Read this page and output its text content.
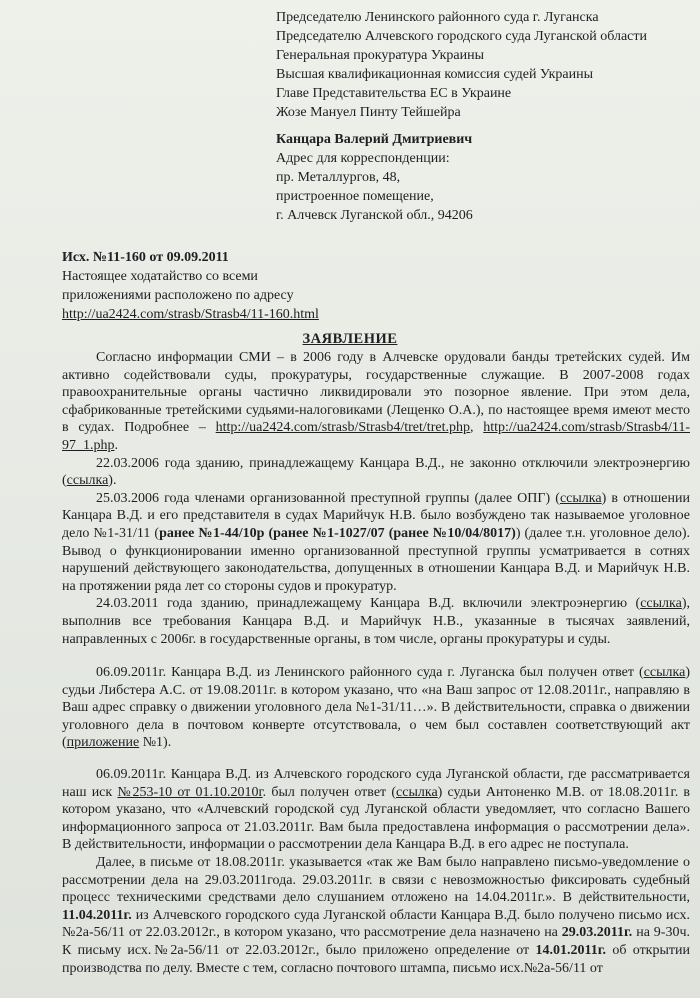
Председателю Ленинского районного суда г. Луганска
Председателю Алчевского городского суда Луганской области
Генеральная прокуратура Украины
Высшая квалификационная комиссия судей Украины
Главе Представительства ЕС в Украине
Жозе Мануел Пинту Тейшейра
Канцара Валерий Дмитриевич
Адрес для корреспонденции:
пр. Металлургов, 48,
пристроенное помещение,
г. Алчевск Луганской обл., 94206
Исх. №11-160 от 09.09.2011
Настоящее ходатайство со всеми
приложениями расположено по адресу
http://ua2424.com/strasb/Strasb4/11-160.html
ЗАЯВЛЕНИЕ

Согласно информации СМИ – в 2006 году в Алчевске орудовали банды третейских судей. Им активно содействовали суды, прокуратуры, государственные служащие. В 2007-2008 годах правоохранительные органы частично ликвидировали это позорное явление. При этом дела, сфабрикованные третейскими судьями-налоговиками (Лещенко О.А.), по настоящее время имеют место в судах. Подробнее – http://ua2424.com/strasb/Strasb4/tret/tret.php, http://ua2424.com/strasb/Strasb4/11-97_1.php.

22.03.2006 года зданию, принадлежащему Канцара В.Д., не законно отключили электроэнергию (ссылка).

25.03.2006 года членами организованной преступной группы (далее ОПГ) (ссылка) в отношении Канцара В.Д. и его представителя в судах Марийчук Н.В. было возбуждено так называемое уголовное дело №1-31/11 (ранее №1-44/10р (ранее №1-1027/07 (ранее №10/04/8017)) (далее т.н. уголовное дело). Вывод о функционировании именно организованной преступной группы усматривается в сотнях нарушений действующего законодательства, допущенных в отношении Канцара В.Д. и Марийчук Н.В. на протяжении ряда лет со стороны судов и прокуратур.

24.03.2011 года зданию, принадлежащему Канцара В.Д. включили электроэнергию (ссылка), выполнив все требования Канцара В.Д. и Марийчук Н.В., указанные в тысячах заявлений, направленных с 2006г. в государственные органы, в том числе, органы прокуратуры и суды.

06.09.2011г. Канцара В.Д. из Ленинского районного суда г. Луганска был получен ответ (ссылка) судьи Либстера А.С. от 19.08.2011г. в котором указано, что «на Ваш запрос от 12.08.2011г., направляю в Ваш адрес справку о движении уголовного дела №1-31/11…». В действительности, справка о движении уголовного дела в почтовом конверте отсутствовала, о чем был составлен соответствующий акт (приложение №1).

06.09.2011г. Канцара В.Д. из Алчевского городского суда Луганской области, где рассматривается наш иск №253-10 от 01.10.2010г. был получен ответ (ссылка) судьи Антоненко М.В. от 18.08.2011г. в котором указано, что «Алчевский городской суд Луганской области уведомляет, что согласно Вашего информационного запроса от 21.03.2011г. Вам была предоставлена информация о рассмотрении дела». В действительности, информации о рассмотрении дела Канцара В.Д. в его адрес не поступала.

Далее, в письме от 18.08.2011г. указывается «так же Вам было направлено письмо-уведомление о рассмотрении дела на 29.03.2011года. 29.03.2011г. в связи с невозможностью фиксировать судебный процесс техническими средствами дело слушанием отложено на 14.04.2011г.». В действительности, 11.04.2011г. из Алчевского городского суда Луганской области Канцара В.Д. было получено письмо исх.№2а-56/11 от 22.03.2012г., в котором указано, что рассмотрение дела назначено на 29.03.2011г. на 9-30ч. К письму исх.№2а-56/11 от 22.03.2012г., было приложено определение от 14.01.2011г. об открытии производства по делу. Вместе с тем, согласно почтового штампа, письмо исх.№2а-56/11 от
